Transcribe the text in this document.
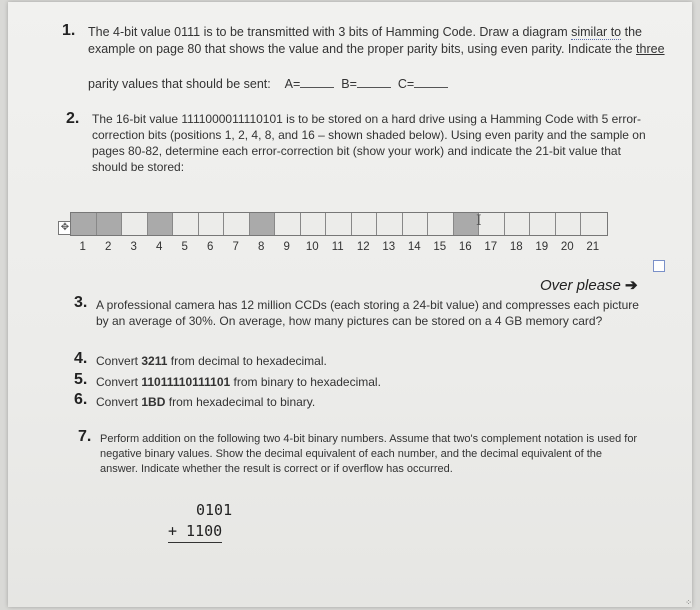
1. The 4-bit value 0111 is to be transmitted with 3 bits of Hamming Code. Draw a diagram similar to the example on page 80 that shows the value and the proper parity bits, using even parity. Indicate the three
parity values that should be sent: A=	B=	C=
2. The 16-bit value 1111000011110101 is to be stored on a hard drive using a Hamming Code with 5 error-correction bits (positions 1, 2, 4, 8, and 16 – shown shaded below). Using even parity and the sample on pages 80-82, determine each error-correction bit (show your work) and indicate the 21-bit value that should be stored:
✥
1	2	3	4	5	6	7	8	9	10	11	12	13	14	15	16	17	18	19	20	21
I
Over please ➔
3. A professional camera has 12 million CCDs (each storing a 24-bit value) and compresses each picture by an average of 30%. On average, how many pictures can be stored on a 4 GB memory card?
4. Convert 3211 from decimal to hexadecimal.
5. Convert 11011110111101 from binary to hexadecimal.
6. Convert 1BD from hexadecimal to binary.
7. Perform addition on the following two 4-bit binary numbers. Assume that two's complement notation is used for negative binary values. Show the decimal equivalent of each number, and the decimal equivalent of the answer. Indicate whether the result is correct or if overflow has occurred.
0101
+ 1100
⁘
